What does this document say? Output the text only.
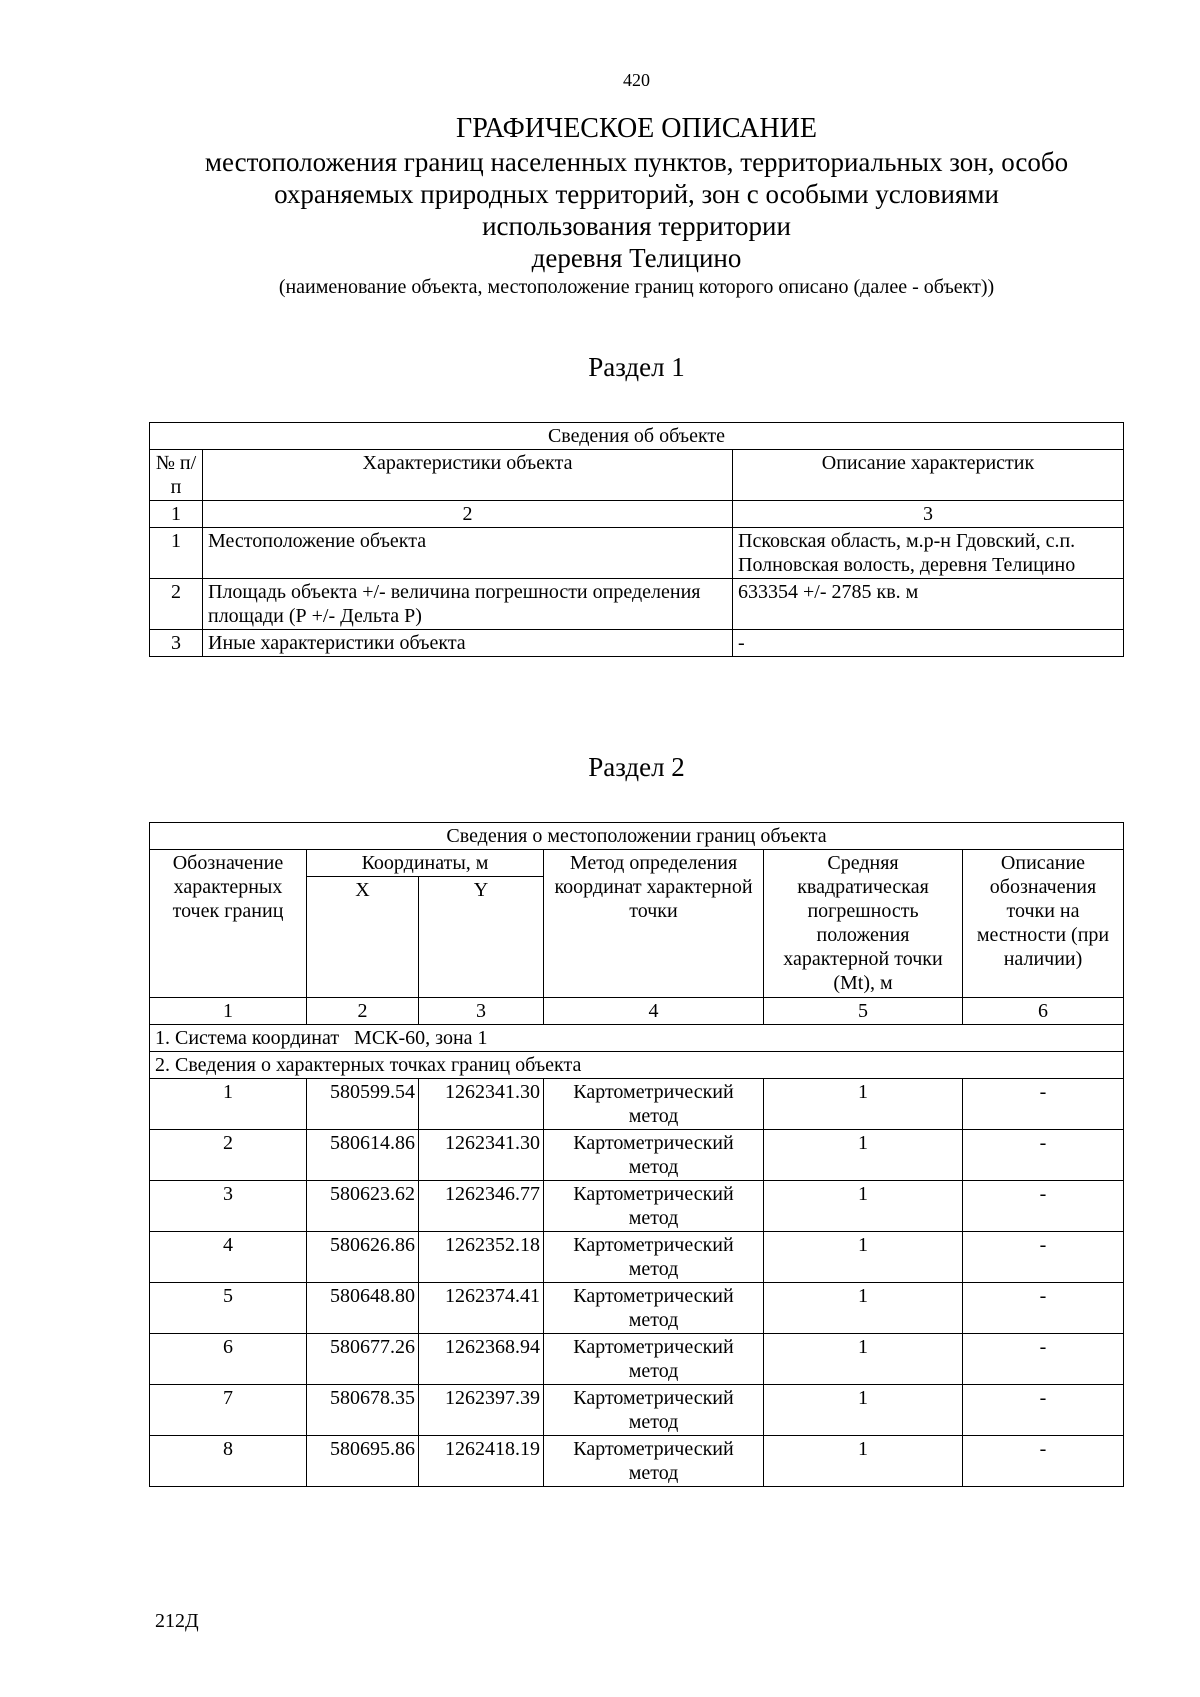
420
ГРАФИЧЕСКОЕ ОПИСАНИЕ
местоположения границ населенных пунктов, территориальных зон, особо
охраняемых природных территорий, зон с особыми условиями
использования территории
деревня Телицино
(наименование объекта, местоположение границ которого описано (далее - объект))
Раздел 1
Сведения об объекте		
№ п/п	Характеристики объекта	Описание характеристик
1	2	3
1	Местоположение объекта	Псковская область, м.р-н Гдовский, с.п. Полновская волость, деревня Телицино
2	Площадь объекта +/- величина погрешности определения площади (Р +/- Дельта Р)	633354 +/- 2785 кв. м
3	Иные характеристики объекта	-
Раздел 2
Сведения о местоположении границ объекта					
Обозначение характерных точек границ	Координаты, м		Метод определения координат характерной точки	Средняя квадратическая погрешность положения характерной точки (Mt), м	Описание обозначения точки на местности (при наличии)
	X	Y			
1	2	3	4	5	6
1. Система координат   МСК-60, зона 1					
2. Сведения о характерных точках границ объекта					
1	580599.54	1262341.30	Картометрический метод	1	-
2	580614.86	1262341.30	Картометрический метод	1	-
3	580623.62	1262346.77	Картометрический метод	1	-
4	580626.86	1262352.18	Картометрический метод	1	-
5	580648.80	1262374.41	Картометрический метод	1	-
6	580677.26	1262368.94	Картометрический метод	1	-
7	580678.35	1262397.39	Картометрический метод	1	-
8	580695.86	1262418.19	Картометрический метод	1	-
212Д
